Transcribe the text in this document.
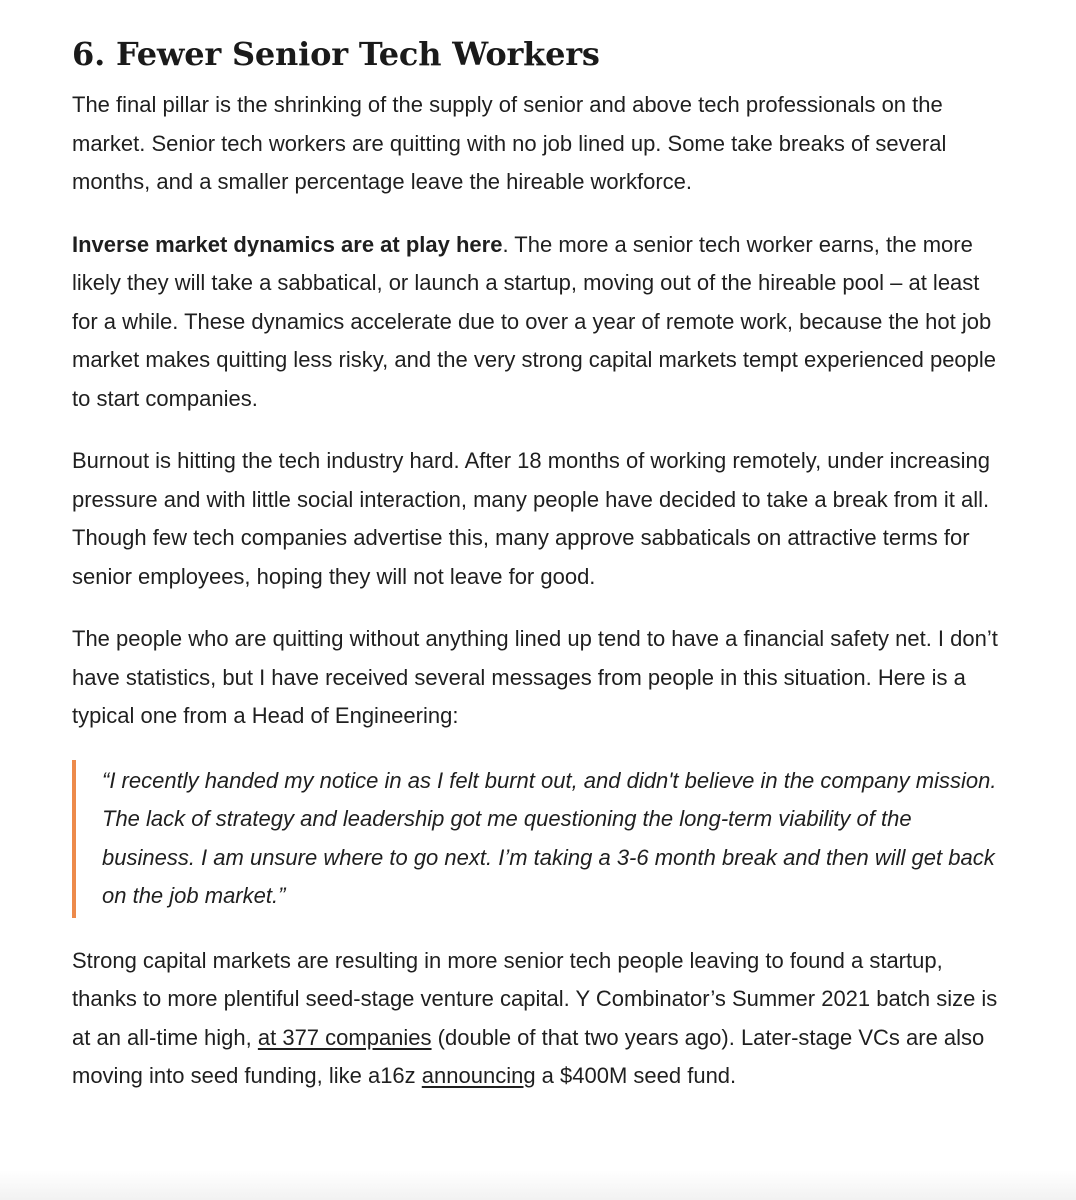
6. Fewer Senior Tech Workers

The final pillar is the shrinking of the supply of senior and above tech professionals on the market. Senior tech workers are quitting with no job lined up. Some take breaks of several months, and a smaller percentage leave the hireable workforce.

Inverse market dynamics are at play here. The more a senior tech worker earns, the more likely they will take a sabbatical, or launch a startup, moving out of the hireable pool – at least for a while. These dynamics accelerate due to over a year of remote work, because the hot job market makes quitting less risky, and the very strong capital markets tempt experienced people to start companies.

Burnout is hitting the tech industry hard. After 18 months of working remotely, under increasing pressure and with little social interaction, many people have decided to take a break from it all. Though few tech companies advertise this, many approve sabbaticals on attractive terms for senior employees, hoping they will not leave for good.

The people who are quitting without anything lined up tend to have a financial safety net. I don’t have statistics, but I have received several messages from people in this situation. Here is a typical one from a Head of Engineering:

“I recently handed my notice in as I felt burnt out, and didn't believe in the company mission. The lack of strategy and leadership got me questioning the long-term viability of the business. I am unsure where to go next. I’m taking a 3-6 month break and then will get back on the job market.”

Strong capital markets are resulting in more senior tech people leaving to found a startup, thanks to more plentiful seed-stage venture capital. Y Combinator’s Summer 2021 batch size is at an all-time high, at 377 companies (double of that two years ago). Later-stage VCs are also moving into seed funding, like a16z announcing a $400M seed fund.
